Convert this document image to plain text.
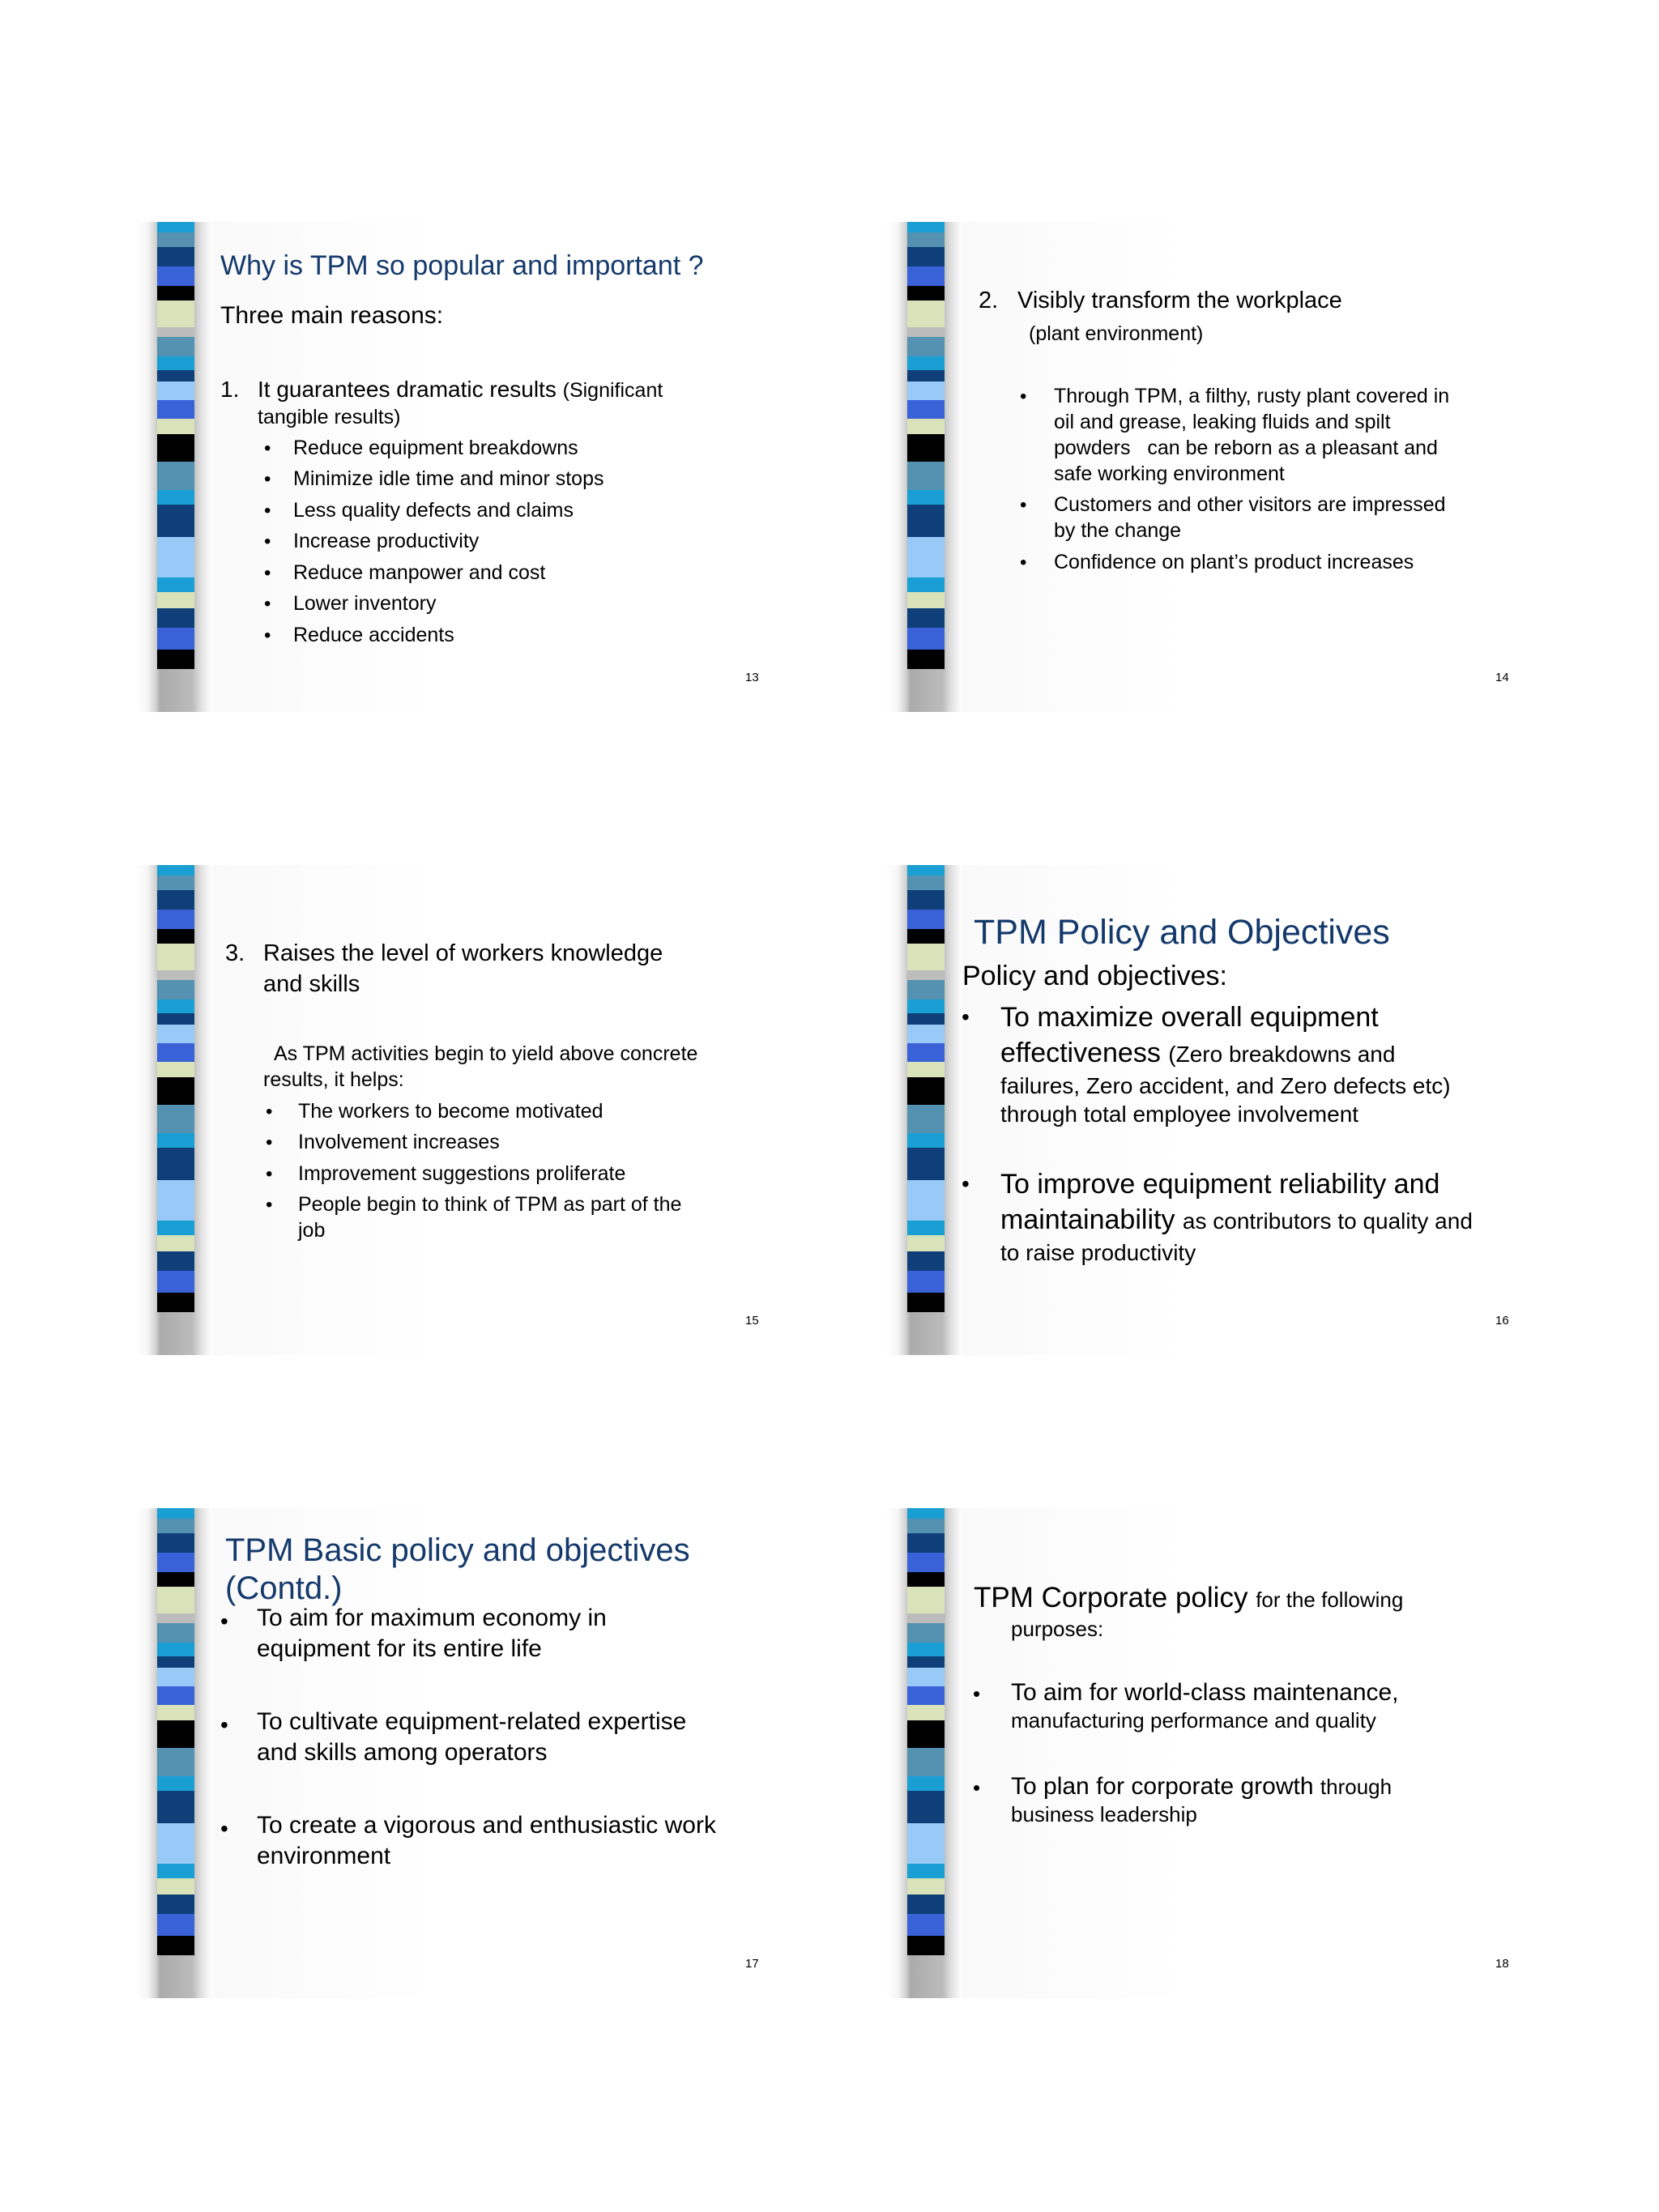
Why is TPM so popular and important ?
Three main reasons:
1. It guarantees dramatic results (Significant
tangible results)
• Reduce equipment breakdowns
• Minimize idle time and minor stops
• Less quality defects and claims
• Increase productivity
• Reduce manpower and cost
• Lower inventory
• Reduce accidents
13
2. Visibly transform the workplace
(plant environment)
• Through TPM, a filthy, rusty plant covered in
oil and grease, leaking fluids and spilt
powders   can be reborn as a pleasant and
safe working environment
• Customers and other visitors are impressed
by the change
• Confidence on plant’s product increases
14
3. Raises the level of workers knowledge
and skills
As TPM activities begin to yield above concrete
results, it helps:
• The workers to become motivated
• Involvement increases
• Improvement suggestions proliferate
• People begin to think of TPM as part of the
job
15
TPM Policy and Objectives
Policy and objectives:
• To maximize overall equipment
effectiveness (Zero breakdowns and
failures, Zero accident, and Zero defects etc)
through total employee involvement
• To improve equipment reliability and
maintainability as contributors to quality and
to raise productivity
16
TPM Basic policy and objectives
(Contd.)
• To aim for maximum economy in
equipment for its entire life
• To cultivate equipment-related expertise
and skills among operators
• To create a vigorous and enthusiastic work
environment
17
TPM Corporate policy for the following
purposes:
• To aim for world-class maintenance,
manufacturing performance and quality
• To plan for corporate growth through
business leadership
18
